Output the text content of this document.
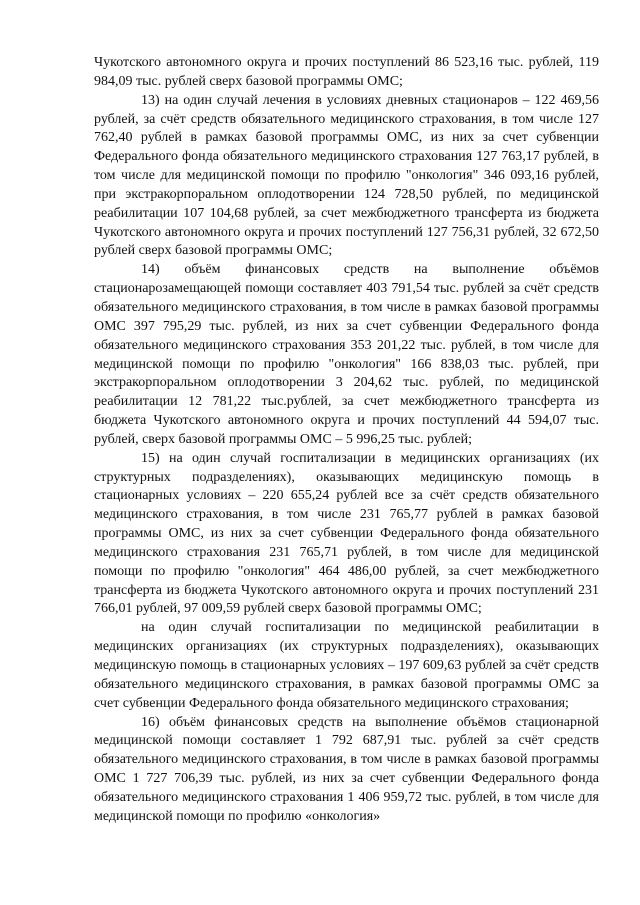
Чукотского автономного округа и прочих поступлений 86 523,16 тыс. рублей, 119 984,09 тыс. рублей сверх базовой программы ОМС;

13) на один случай лечения в условиях дневных стационаров – 122 469,56 рублей, за счёт средств обязательного медицинского страхования, в том числе 127 762,40 рублей в рамках базовой программы ОМС, из них за счет субвенции Федерального фонда обязательного медицинского страхования 127 763,17 рублей, в том числе для медицинской помощи по профилю "онкология" 346 093,16 рублей, при экстракорпоральном оплодотворении 124 728,50 рублей, по медицинской реабилитации 107 104,68 рублей, за счет межбюджетного трансферта из бюджета Чукотского автономного округа и прочих поступлений 127 756,31 рублей, 32 672,50 рублей сверх базовой программы ОМС;

14) объём финансовых средств на выполнение объёмов стационарозамещающей помощи составляет 403 791,54 тыс. рублей за счёт средств обязательного медицинского страхования, в том числе в рамках базовой программы ОМС 397 795,29 тыс. рублей, из них за счет субвенции Федерального фонда обязательного медицинского страхования 353 201,22 тыс. рублей, в том числе для медицинской помощи по профилю "онкология" 166 838,03 тыс. рублей, при экстракорпоральном оплодотворении 3 204,62 тыс. рублей, по медицинской реабилитации 12 781,22 тыс.рублей, за счет межбюджетного трансферта из бюджета Чукотского автономного округа и прочих поступлений 44 594,07 тыс. рублей, сверх базовой программы ОМС – 5 996,25 тыс. рублей;

15) на один случай госпитализации в медицинских организациях (их структурных подразделениях), оказывающих медицинскую помощь в стационарных условиях – 220 655,24 рублей все за счёт средств обязательного медицинского страхования, в том числе 231 765,77 рублей в рамках базовой программы ОМС, из них за счет субвенции Федерального фонда обязательного медицинского страхования 231 765,71 рублей, в том числе для медицинской помощи по профилю "онкология" 464 486,00 рублей, за счет межбюджетного трансферта из бюджета Чукотского автономного округа и прочих поступлений 231 766,01 рублей, 97 009,59 рублей сверх базовой программы ОМС;

на один случай госпитализации по медицинской реабилитации в медицинских организациях (их структурных подразделениях), оказывающих медицинскую помощь в стационарных условиях – 197 609,63 рублей за счёт средств обязательного медицинского страхования, в рамках базовой программы ОМС за счет субвенции Федерального фонда обязательного медицинского страхования;

16) объём финансовых средств на выполнение объёмов стационарной медицинской помощи составляет 1 792 687,91 тыс. рублей за счёт средств обязательного медицинского страхования, в том числе в рамках базовой программы ОМС 1 727 706,39 тыс. рублей, из них за счет субвенции Федерального фонда обязательного медицинского страхования 1 406 959,72 тыс. рублей, в том числе для медицинской помощи по профилю «онкология»
